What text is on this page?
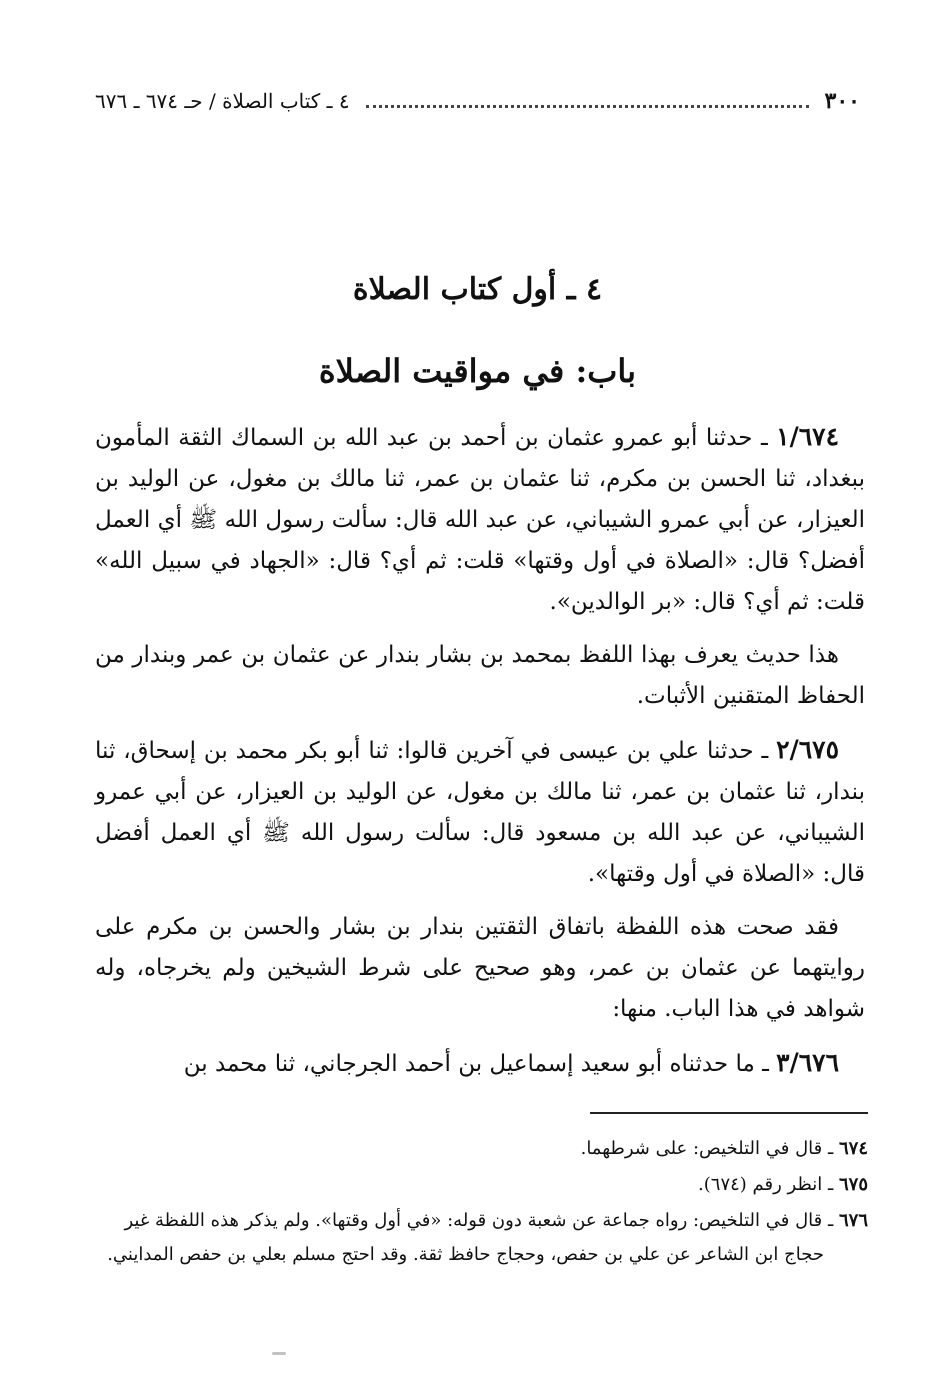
٣٠٠
٤ ـ كتاب الصلاة / حـ ٦٧٤ ـ ٦٧٦
٤ ـ أول كتاب الصلاة
باب: في مواقيت الصلاة

١/٦٧٤ ـ حدثنا أبو عمرو عثمان بن أحمد بن عبد الله بن السماك الثقة المأمون ببغداد، ثنا الحسن بن مكرم، ثنا عثمان بن عمر، ثنا مالك بن مغول، عن الوليد بن العيزار، عن أبي عمرو الشيباني، عن عبد الله قال: سألت رسول الله ﷺ أي العمل أفضل؟ قال: «الصلاة في أول وقتها» قلت: ثم أي؟ قال: «الجهاد في سبيل الله» قلت: ثم أي؟ قال: «بر الوالدين».

هذا حديث يعرف بهذا اللفظ بمحمد بن بشار بندار عن عثمان بن عمر وبندار من الحفاظ المتقنين الأثبات.

٢/٦٧٥ ـ حدثنا علي بن عيسى في آخرين قالوا: ثنا أبو بكر محمد بن إسحاق، ثنا بندار، ثنا عثمان بن عمر، ثنا مالك بن مغول، عن الوليد بن العيزار، عن أبي عمرو الشيباني، عن عبد الله بن مسعود قال: سألت رسول الله ﷺ أي العمل أفضل قال: «الصلاة في أول وقتها».

فقد صحت هذه اللفظة باتفاق الثقتين بندار بن بشار والحسن بن مكرم على روايتهما عن عثمان بن عمر، وهو صحيح على شرط الشيخين ولم يخرجاه، وله شواهد في هذا الباب. منها:

٣/٦٧٦ ـ ما حدثناه أبو سعيد إسماعيل بن أحمد الجرجاني، ثنا محمد بن

٦٧٤ ـ قال في التلخيص: على شرطهما.

٦٧٥ ـ انظر رقم (٦٧٤).

٦٧٦ ـ قال في التلخيص: رواه جماعة عن شعبة دون قوله: «في أول وقتها». ولم يذكر هذه اللفظة غير
حجاج ابن الشاعر عن علي بن حفص، وحجاج حافظ ثقة. وقد احتج مسلم بعلي بن حفص المدايني.
